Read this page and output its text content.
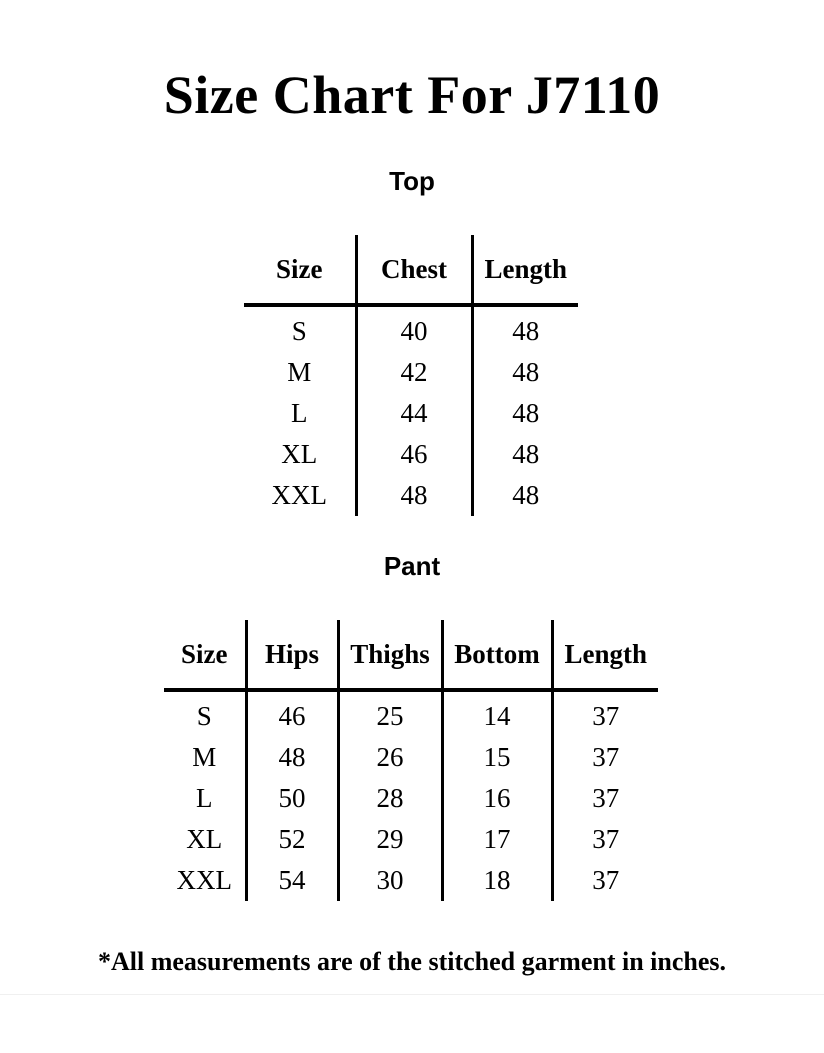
Size Chart For J7110
Top
Size	Chest	Length
S	40	48
M	42	48
L	44	48
XL	46	48
XXL	48	48
Pant
Size	Hips	Thighs	Bottom	Length
S	46	25	14	37
M	48	26	15	37
L	50	28	16	37
XL	52	29	17	37
XXL	54	30	18	37
*All measurements are of the stitched garment in inches.
